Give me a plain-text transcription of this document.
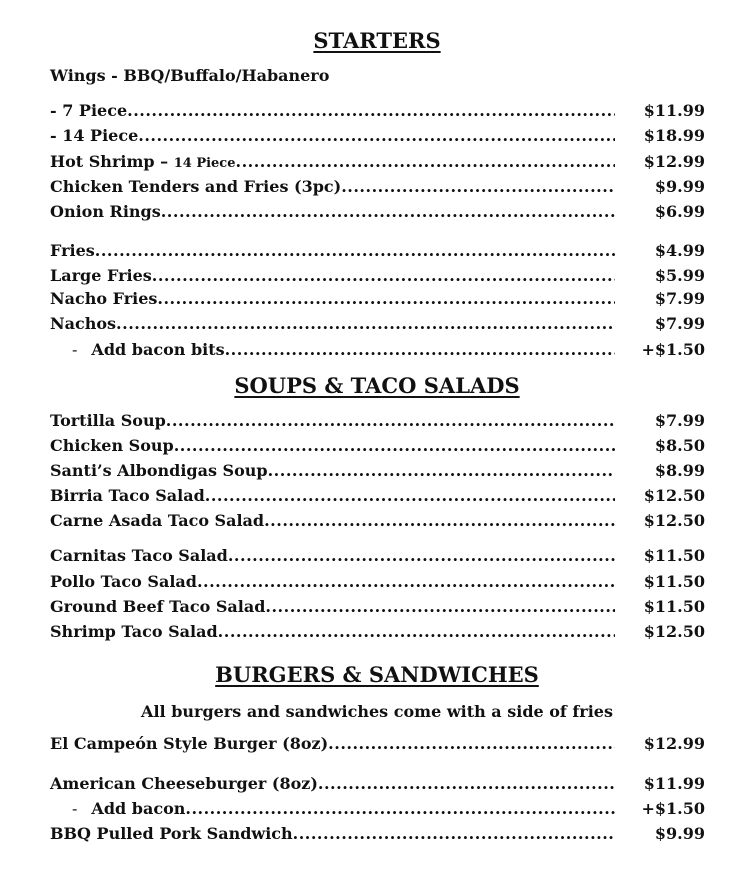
STARTERS
Wings - BBQ/Buffalo/Habanero
- 7 Piece .....	$11.99
- 14 Piece .....	$18.99
Hot Shrimp – 14 Piece .....	$12.99
Chicken Tenders and Fries (3pc) .....	$9.99
Onion Rings .....	$6.99
Fries .....	$4.99
Large Fries .....	$5.99
Nacho Fries .....	$7.99
Nachos .....	$7.99
- Add bacon bits .....	+$1.50
SOUPS & TACO SALADS
Tortilla Soup .....	$7.99
Chicken Soup .....	$8.50
Santi’s Albondigas Soup .....	$8.99
Birria Taco Salad .....	$12.50
Carne Asada Taco Salad .....	$12.50
Carnitas Taco Salad .....	$11.50
Pollo Taco Salad .....	$11.50
Ground Beef Taco Salad .....	$11.50
Shrimp Taco Salad .....	$12.50
BURGERS & SANDWICHES
All burgers and sandwiches come with a side of fries
El Campeón Style Burger (8oz) .....	$12.99
American Cheeseburger (8oz) .....	$11.99
- Add bacon .....	+$1.50
BBQ Pulled Pork Sandwich .....	$9.99
